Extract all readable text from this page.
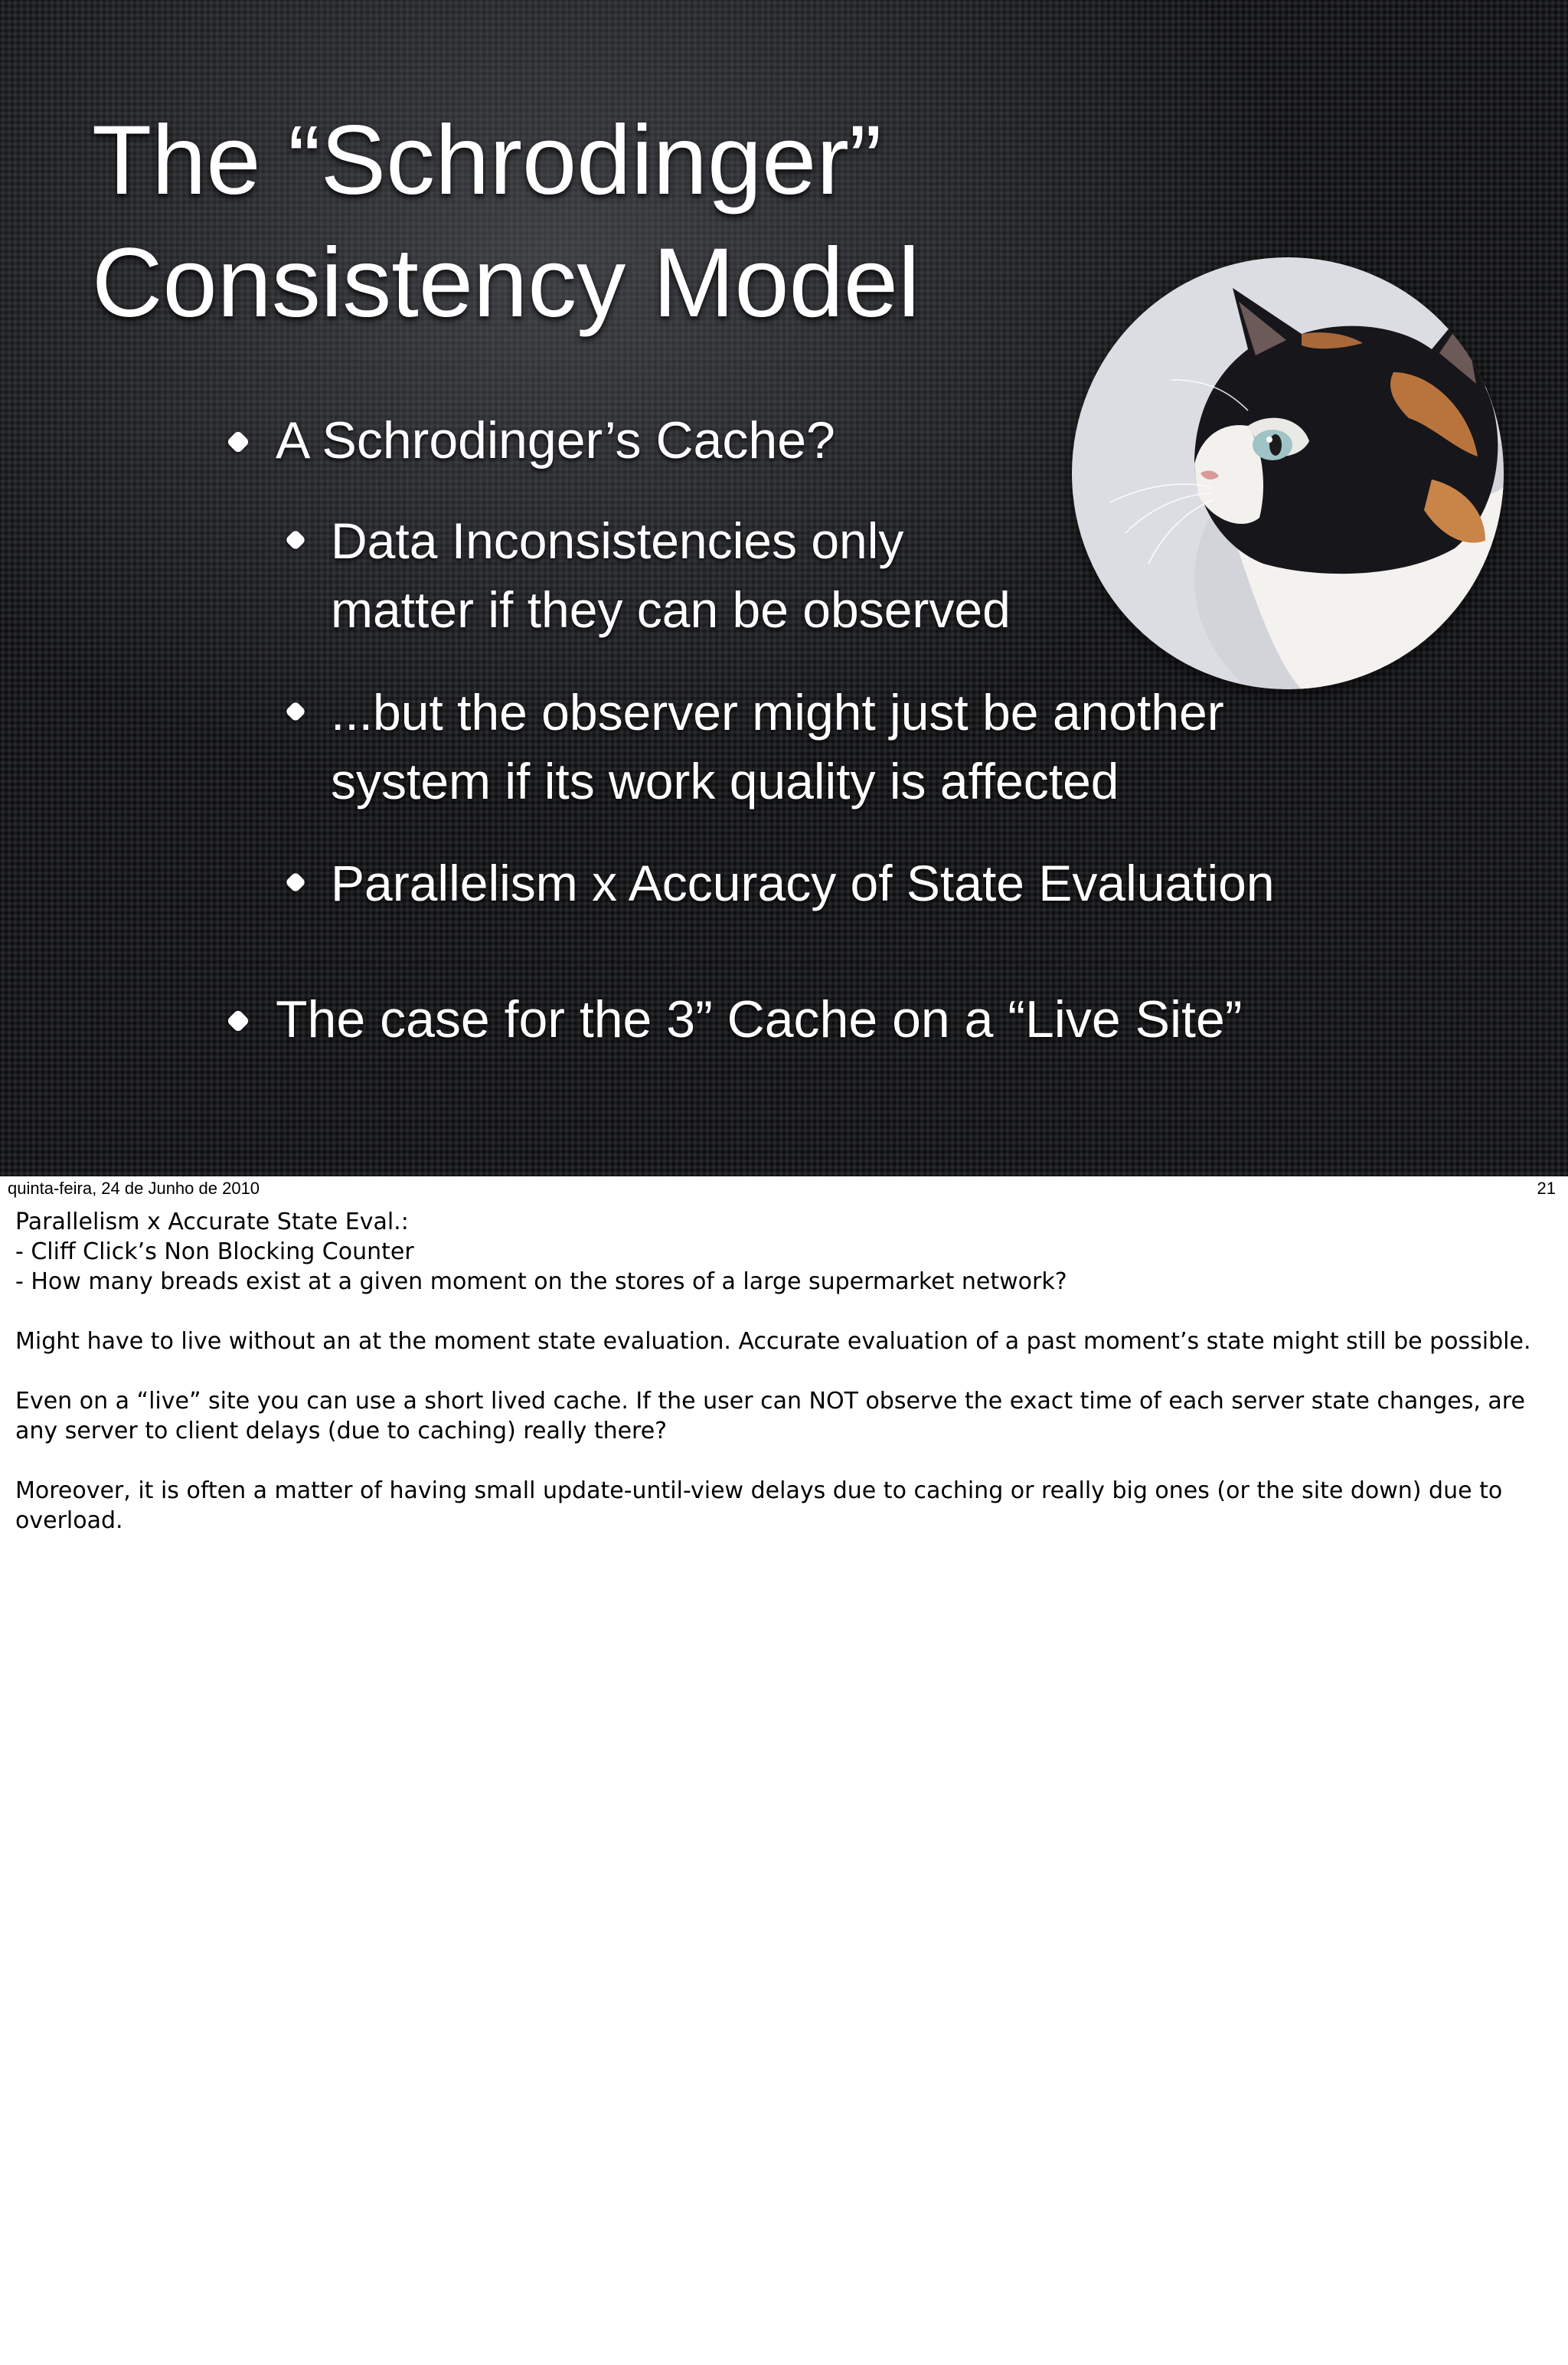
The “Schrodinger”
Consistency Model
A Schrodinger’s Cache?
Data Inconsistencies only
matter if they can be observed
...but the observer might just be another
system if its work quality is affected
Parallelism x Accuracy of State Evaluation
The case for the 3” Cache on a “Live Site”
quinta-feira, 24 de Junho de 2010	21
Parallelism x Accurate State Eval.:
- Cliff Click’s Non Blocking Counter
- How many breads exist at a given moment on the stores of a large supermarket network?

Might have to live without an at the moment state evaluation. Accurate evaluation of a past moment’s state might still be possible.

Even on a “live” site you can use a short lived cache. If the user can NOT observe the exact time of each server state changes, are any server to client delays (due to caching) really there?

Moreover, it is often a matter of having small update-until-view delays due to caching or really big ones (or the site down) due to overload.
